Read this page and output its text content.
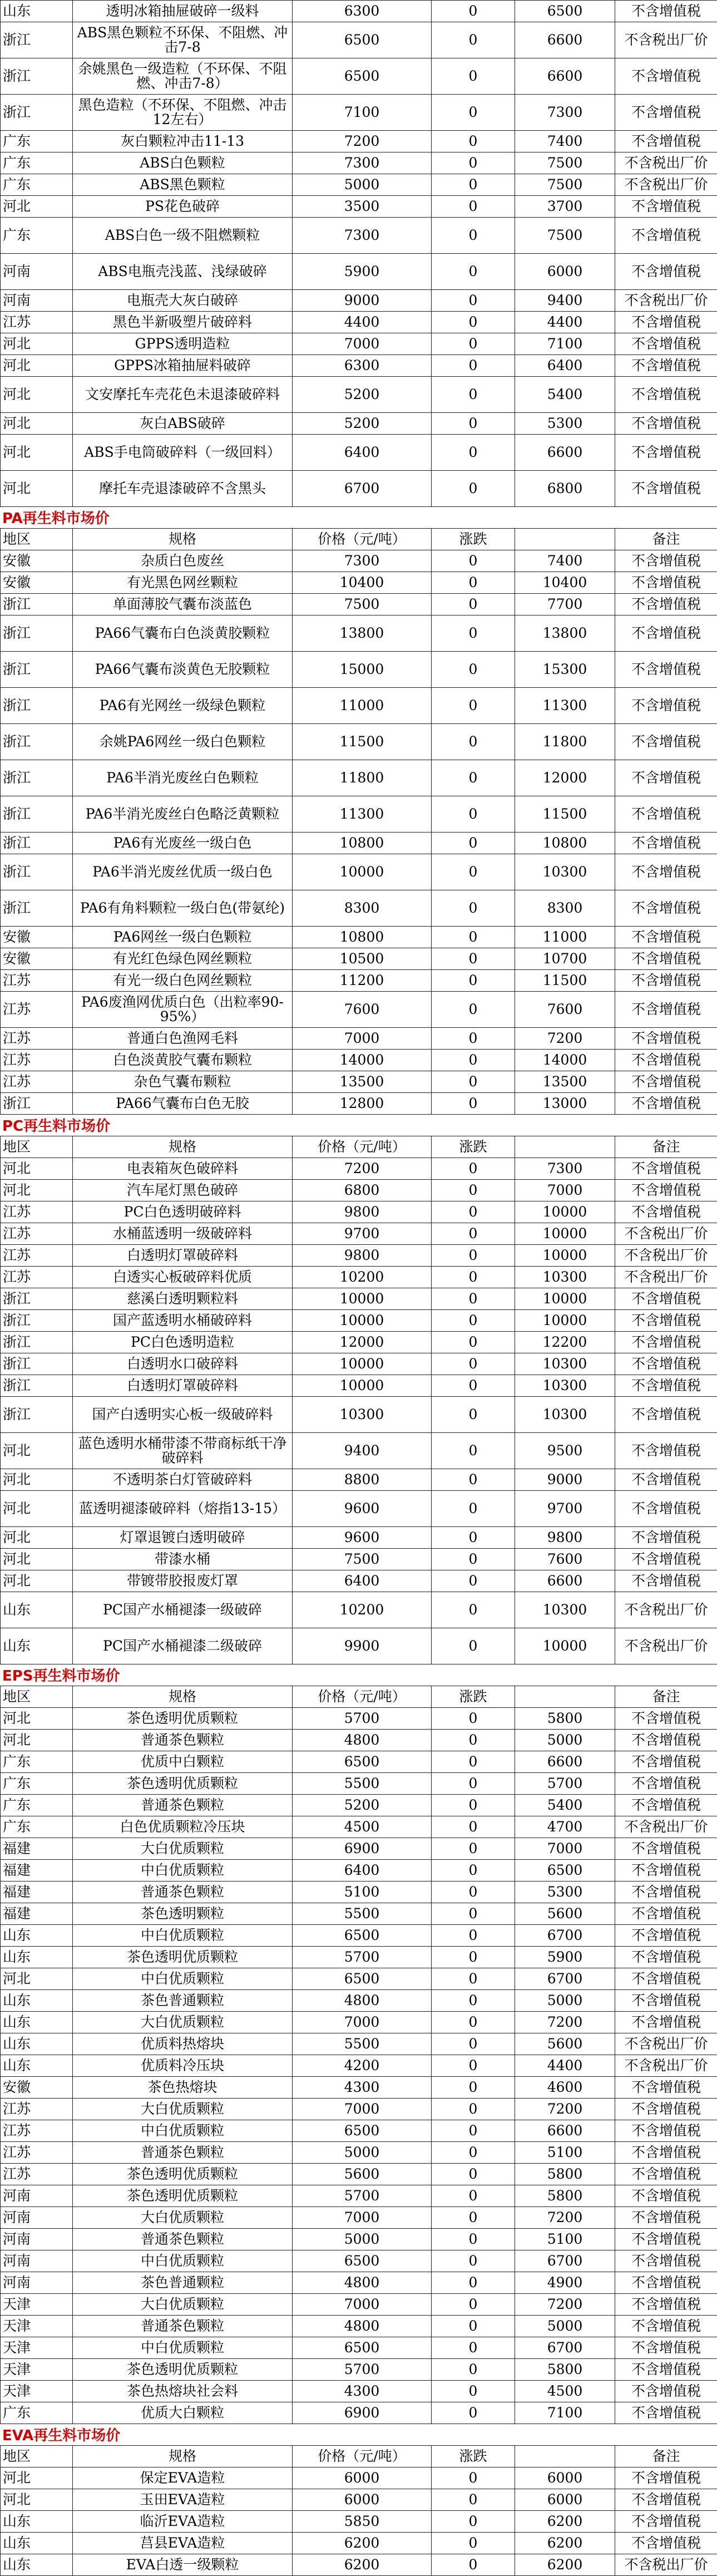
山东	透明冰箱抽屉破碎一级料	6300	0	6500	不含增值税
浙江	ABS黑色颗粒不环保、不阻燃、冲击7-8	6500	0	6600	不含税出厂价
浙江	余姚黑色一级造粒（不环保、不阻燃、冲击7-8）	6500	0	6600	不含增值税
浙江	黑色造粒（不环保、不阻燃、冲击12左右）	7100	0	7300	不含增值税
广东	灰白颗粒冲击11-13	7200	0	7400	不含增值税
广东	ABS白色颗粒	7300	0	7500	不含税出厂价
广东	ABS黑色颗粒	5000	0	7500	不含税出厂价
河北	PS花色破碎	3500	0	3700	不含增值税
广东	ABS白色一级不阻燃颗粒	7300	0	7500	不含增值税
河南	ABS电瓶壳浅蓝、浅绿破碎	5900	0	6000	不含增值税
河南	电瓶壳大灰白破碎	9000	0	9400	不含税出厂价
江苏	黑色半新吸塑片破碎料	4400	0	4400	不含增值税
河北	GPPS透明造粒	7000	0	7100	不含增值税
河北	GPPS冰箱抽屉料破碎	6300	0	6400	不含增值税
河北	文安摩托车壳花色未退漆破碎料	5200	0	5400	不含增值税
河北	灰白ABS破碎	5200	0	5300	不含增值税
河北	ABS手电筒破碎料（一级回料）	6400	0	6600	不含增值税
河北	摩托车壳退漆破碎不含黑头	6700	0	6800	不含增值税
PA再生料市场价
地区	规格	价格（元/吨）	涨跌		备注
安徽	杂质白色废丝	7300	0	7400	不含增值税
安徽	有光黑色网丝颗粒	10400	0	10400	不含增值税
浙江	单面薄胶气囊布淡蓝色	7500	0	7700	不含增值税
浙江	PA66气囊布白色淡黄胶颗粒	13800	0	13800	不含增值税
浙江	PA66气囊布淡黄色无胶颗粒	15000	0	15300	不含增值税
浙江	PA6有光网丝一级绿色颗粒	11000	0	11300	不含增值税
浙江	余姚PA6网丝一级白色颗粒	11500	0	11800	不含增值税
浙江	PA6半消光废丝白色颗粒	11800	0	12000	不含增值税
浙江	PA6半消光废丝白色略泛黄颗粒	11300	0	11500	不含增值税
浙江	PA6有光废丝一级白色	10800	0	10800	不含增值税
浙江	PA6半消光废丝优质一级白色	10000	0	10300	不含增值税
浙江	PA6有角料颗粒一级白色(带氨纶)	8300	0	8300	不含增值税
安徽	PA6网丝一级白色颗粒	10800	0	11000	不含增值税
安徽	有光红色绿色网丝颗粒	10500	0	10700	不含增值税
江苏	有光一级白色网丝颗粒	11200	0	11500	不含增值税
江苏	PA6废渔网优质白色（出粒率90-95%）	7600	0	7600	不含增值税
江苏	普通白色渔网毛料	7000	0	7200	不含增值税
江苏	白色淡黄胶气囊布颗粒	14000	0	14000	不含增值税
江苏	杂色气囊布颗粒	13500	0	13500	不含增值税
浙江	PA66气囊布白色无胶	12800	0	13000	不含增值税
PC再生料市场价
地区	规格	价格（元/吨）	涨跌		备注
河北	电表箱灰色破碎料	7200	0	7300	不含增值税
河北	汽车尾灯黑色破碎	6800	0	7000	不含增值税
江苏	PC白色透明破碎料	9800	0	10000	不含增值税
江苏	水桶蓝透明一级破碎料	9700	0	10000	不含税出厂价
江苏	白透明灯罩破碎料	9800	0	10000	不含税出厂价
江苏	白透实心板破碎料优质	10200	0	10300	不含税出厂价
浙江	慈溪白透明颗粒料	10000	0	10000	不含增值税
浙江	国产蓝透明水桶破碎料	10000	0	10000	不含增值税
浙江	PC白色透明造粒	12000	0	12200	不含增值税
浙江	白透明水口破碎料	10000	0	10300	不含增值税
浙江	白透明灯罩破碎料	10000	0	10300	不含增值税
浙江	国产白透明实心板一级破碎料	10300	0	10300	不含增值税
河北	蓝色透明水桶带漆不带商标纸干净破碎料	9400	0	9500	不含增值税
河北	不透明茶白灯管破碎料	8800	0	9000	不含增值税
河北	蓝透明褪漆破碎料（熔指13-15）	9600	0	9700	不含增值税
河北	灯罩退镀白透明破碎	9600	0	9800	不含增值税
河北	带漆水桶	7500	0	7600	不含增值税
河北	带镀带胶报废灯罩	6400	0	6600	不含增值税
山东	PC国产水桶褪漆一级破碎	10200	0	10300	不含税出厂价
山东	PC国产水桶褪漆二级破碎	9900	0	10000	不含税出厂价
EPS再生料市场价
地区	规格	价格（元/吨）	涨跌		备注
河北	茶色透明优质颗粒	5700	0	5800	不含增值税
河北	普通茶色颗粒	4800	0	5000	不含增值税
广东	优质中白颗粒	6500	0	6600	不含增值税
广东	茶色透明优质颗粒	5500	0	5700	不含增值税
广东	普通茶色颗粒	5200	0	5400	不含增值税
广东	白色优质颗粒冷压块	4500	0	4700	不含税出厂价
福建	大白优质颗粒	6900	0	7000	不含增值税
福建	中白优质颗粒	6400	0	6500	不含增值税
福建	普通茶色颗粒	5100	0	5300	不含增值税
福建	茶色透明颗粒	5500	0	5600	不含增值税
山东	中白优质颗粒	6500	0	6700	不含增值税
山东	茶色透明优质颗粒	5700	0	5900	不含增值税
河北	中白优质颗粒	6500	0	6700	不含增值税
山东	茶色普通颗粒	4800	0	5000	不含增值税
山东	大白优质颗粒	7000	0	7200	不含增值税
山东	优质料热熔块	5500	0	5600	不含税出厂价
山东	优质料冷压块	4200	0	4400	不含税出厂价
安徽	茶色热熔块	4300	0	4600	不含增值税
江苏	大白优质颗粒	7000	0	7200	不含增值税
江苏	中白优质颗粒	6500	0	6600	不含增值税
江苏	普通茶色颗粒	5000	0	5100	不含增值税
江苏	茶色透明优质颗粒	5600	0	5800	不含增值税
河南	茶色透明优质颗粒	5700	0	5800	不含增值税
河南	大白优质颗粒	7000	0	7200	不含增值税
河南	普通茶色颗粒	5000	0	5100	不含增值税
河南	中白优质颗粒	6500	0	6700	不含增值税
河南	茶色普通颗粒	4800	0	4900	不含增值税
天津	大白优质颗粒	7000	0	7200	不含增值税
天津	普通茶色颗粒	4800	0	5000	不含增值税
天津	中白优质颗粒	6500	0	6700	不含增值税
天津	茶色透明优质颗粒	5700	0	5800	不含增值税
天津	茶色热熔块社会料	4300	0	4500	不含增值税
广东	优质大白颗粒	6900	0	7100	不含增值税
EVA再生料市场价
地区	规格	价格（元/吨）	涨跌		备注
河北	保定EVA造粒	6000	0	6000	不含增值税
河北	玉田EVA造粒	6000	0	6000	不含增值税
山东	临沂EVA造粒	5850	0	6200	不含增值税
山东	莒县EVA造粒	6200	0	6200	不含增值税
山东	EVA白透一级颗粒	6200	0	6200	不含税出厂价
